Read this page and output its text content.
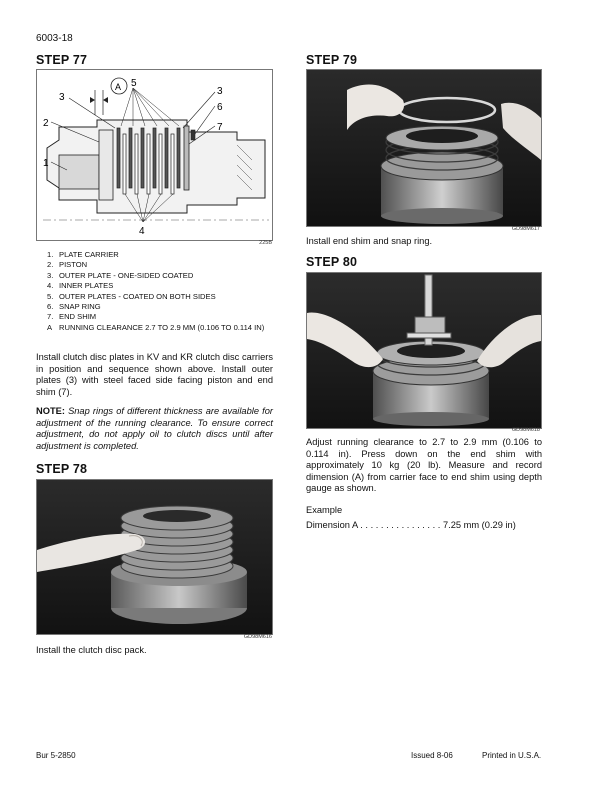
6003-18
STEP 77
3
2
1
A 5
3
6
7
4
225B
1. PLATE CARRIER
2. PISTON
3. OUTER PLATE - ONE-SIDED COATED
4. INNER PLATES
5. OUTER PLATES - COATED ON BOTH SIDES
6. SNAP RING
7. END SHIM
A RUNNING CLEARANCE 2.7 TO 2.9 MM (0.106 TO 0.114 IN)

Install clutch disc plates in KV and KR clutch disc carriers in position and sequence shown above. Install outer plates (3) with steel faced side facing piston and end shim (7).

NOTE: Snap rings of different thickness are available for adjustment of the running clearance. To ensure correct adjustment, do not apply oil to clutch discs until after adjustment is completed.

STEP 78
GD98M616
Install the clutch disc pack.
STEP 79
GD98M617
Install end shim and snap ring.
STEP 80
GD98M618

Adjust running clearance to 2.7 to 2.9 mm (0.106 to 0.114 in). Press down on the end shim with approximately 10 kg (20 lb). Measure and record dimension (A) from carrier face to end shim using depth gauge as shown.

Example
Dimension A . . . . . . . . . . . . . . . . 7.25 mm (0.29 in)
Bur 5-2850	Issued 8-06	Printed in U.S.A.
